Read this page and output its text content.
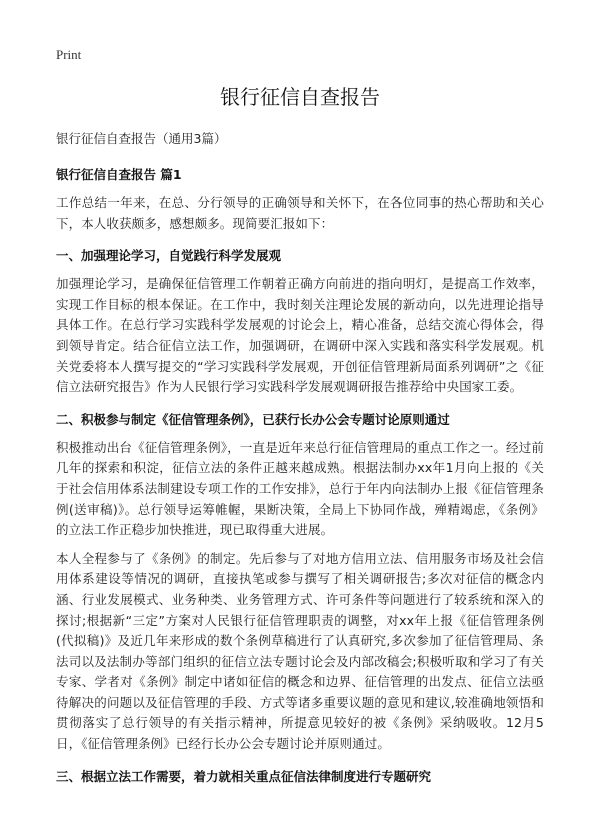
Print
银行征信自查报告

银行征信自查报告（通用3篇）

银行征信自查报告 篇1

工作总结一年来，在总、分行领导的正确领导和关怀下，在各位同事的热心帮助和关心下，本人收获颇多，感想颇多。现简要汇报如下：

一、加强理论学习，自觉践行科学发展观

加强理论学习，是确保征信管理工作朝着正确方向前进的指向明灯，是提高工作效率，实现工作目标的根本保证。在工作中，我时刻关注理论发展的新动向，以先进理论指导具体工作。在总行学习实践科学发展观的讨论会上，精心准备，总结交流心得体会，得到领导肯定。结合征信立法工作，加强调研，在调研中深入实践和落实科学发展观。机关党委将本人撰写提交的“学习实践科学发展观，开创征信管理新局面系列调研”之《征信立法研究报告》作为人民银行学习实践科学发展观调研报告推荐给中央国家工委。

二、积极参与制定《征信管理条例》，已获行长办公会专题讨论原则通过

积极推动出台《征信管理条例》，一直是近年来总行征信管理局的重点工作之一。经过前几年的探索和积淀，征信立法的条件正越来越成熟。根据法制办xx年1月向上报的《关于社会信用体系法制建设专项工作的工作安排》，总行于年内向法制办上报《征信管理条例(送审稿)》。总行领导运筹帷幄，果断决策，全局上下协同作战，殚精竭虑，《条例》的立法工作正稳步加快推进，现已取得重大进展。

本人全程参与了《条例》的制定。先后参与了对地方信用立法、信用服务市场及社会信用体系建设等情况的调研，直接执笔或参与撰写了相关调研报告;多次对征信的概念内涵、行业发展模式、业务种类、业务管理方式、许可条件等问题进行了较系统和深入的探讨;根据新“三定”方案对人民银行征信管理职责的调整，对xx年上报《征信管理条例(代拟稿)》及近几年来形成的数个条例草稿进行了认真研究,多次参加了征信管理局、条法司以及法制办等部门组织的征信立法专题讨论会及内部改稿会;积极听取和学习了有关专家、学者对《条例》制定中诸如征信的概念和边界、征信管理的出发点、征信立法亟待解决的问题以及征信管理的手段、方式等诸多重要议题的意见和建议,较准确地领悟和贯彻落实了总行领导的有关指示精神，所提意见较好的被《条例》采纳吸收。12月5日，《征信管理条例》已经行长办公会专题讨论并原则通过。

三、根据立法工作需要，着力就相关重点征信法律制度进行专题研究
